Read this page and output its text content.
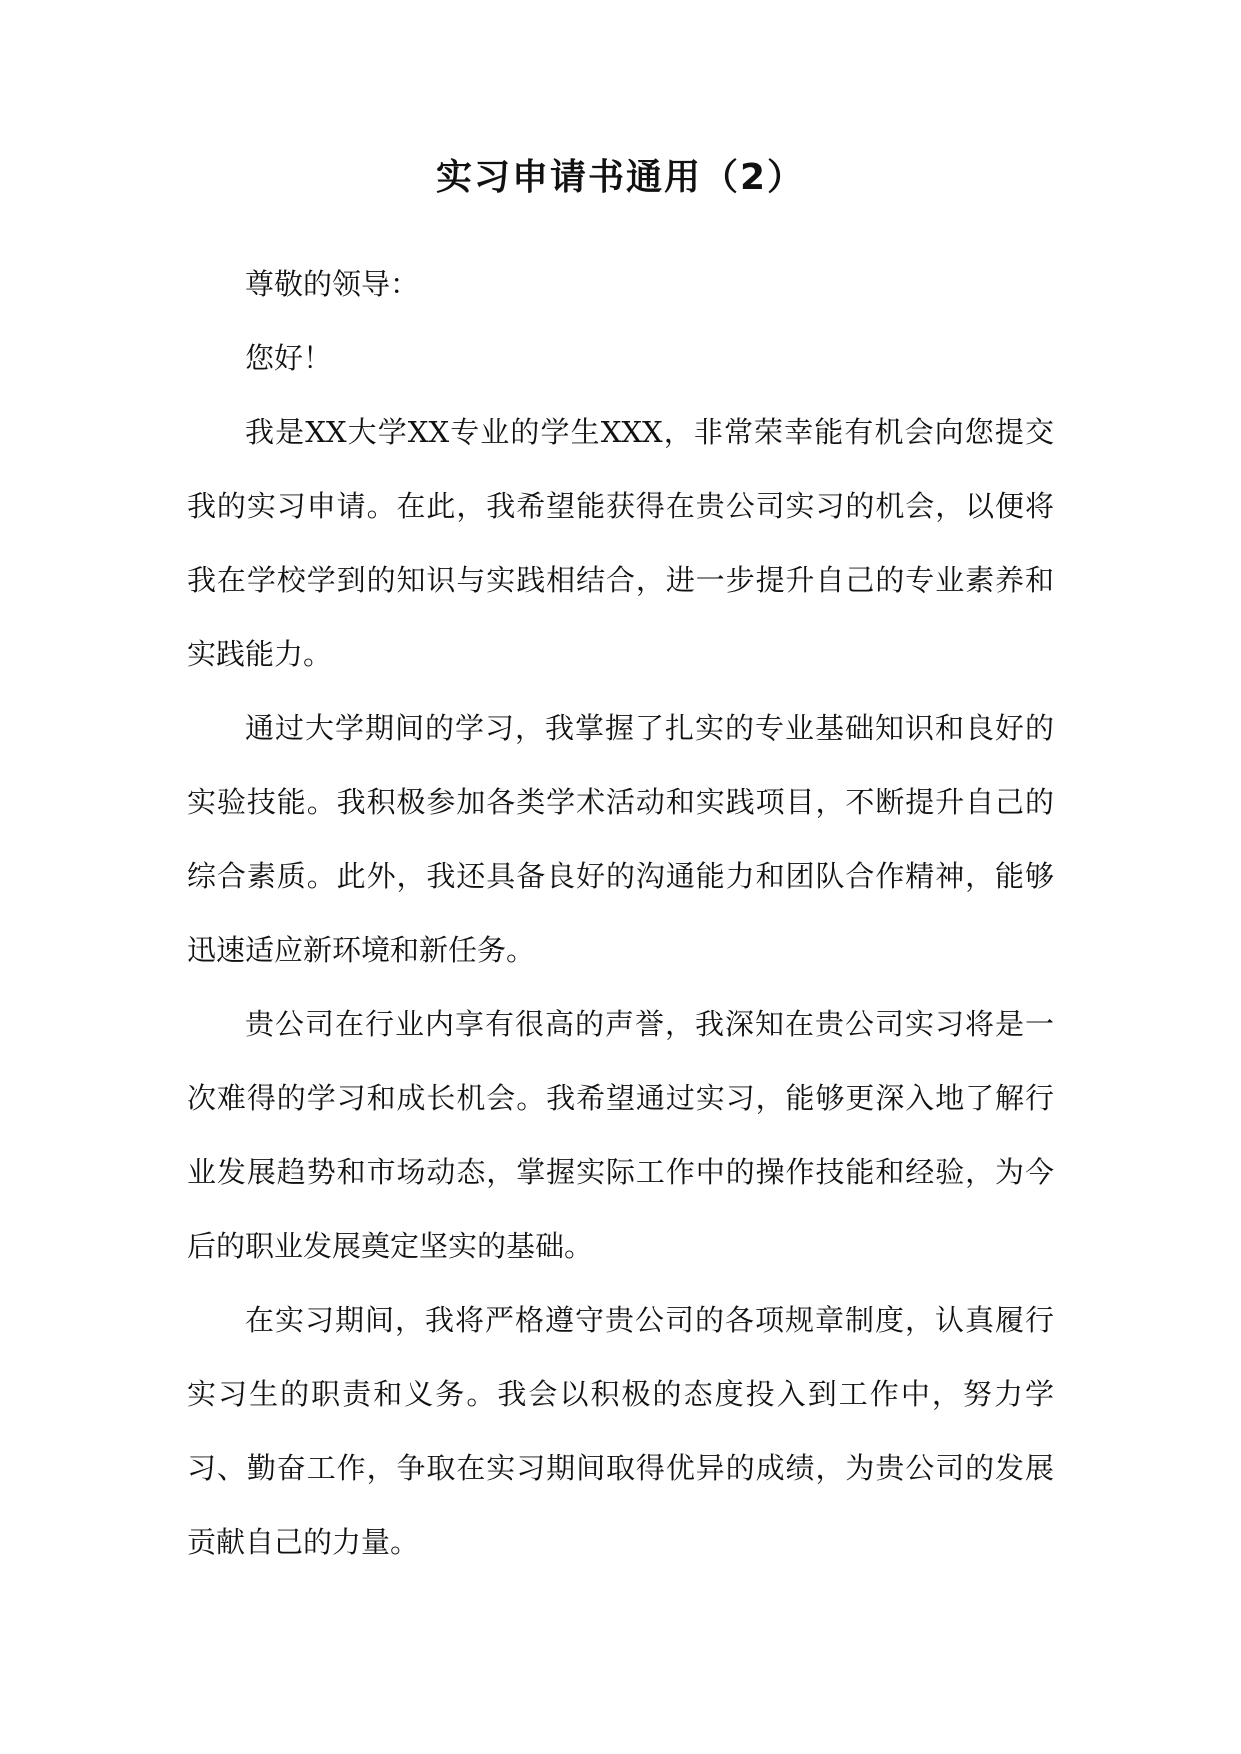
实习申请书通用（2）

尊敬的领导：

您好！

我是XX大学XX专业的学生XXX，非常荣幸能有机会向您提交我的实习申请。在此，我希望能获得在贵公司实习的机会，以便将我在学校学到的知识与实践相结合，进一步提升自己的专业素养和实践能力。

通过大学期间的学习，我掌握了扎实的专业基础知识和良好的实验技能。我积极参加各类学术活动和实践项目，不断提升自己的综合素质。此外，我还具备良好的沟通能力和团队合作精神，能够迅速适应新环境和新任务。

贵公司在行业内享有很高的声誉，我深知在贵公司实习将是一次难得的学习和成长机会。我希望通过实习，能够更深入地了解行业发展趋势和市场动态，掌握实际工作中的操作技能和经验，为今后的职业发展奠定坚实的基础。

在实习期间，我将严格遵守贵公司的各项规章制度，认真履行实习生的职责和义务。我会以积极的态度投入到工作中，努力学习、勤奋工作，争取在实习期间取得优异的成绩，为贵公司的发展贡献自己的力量。
